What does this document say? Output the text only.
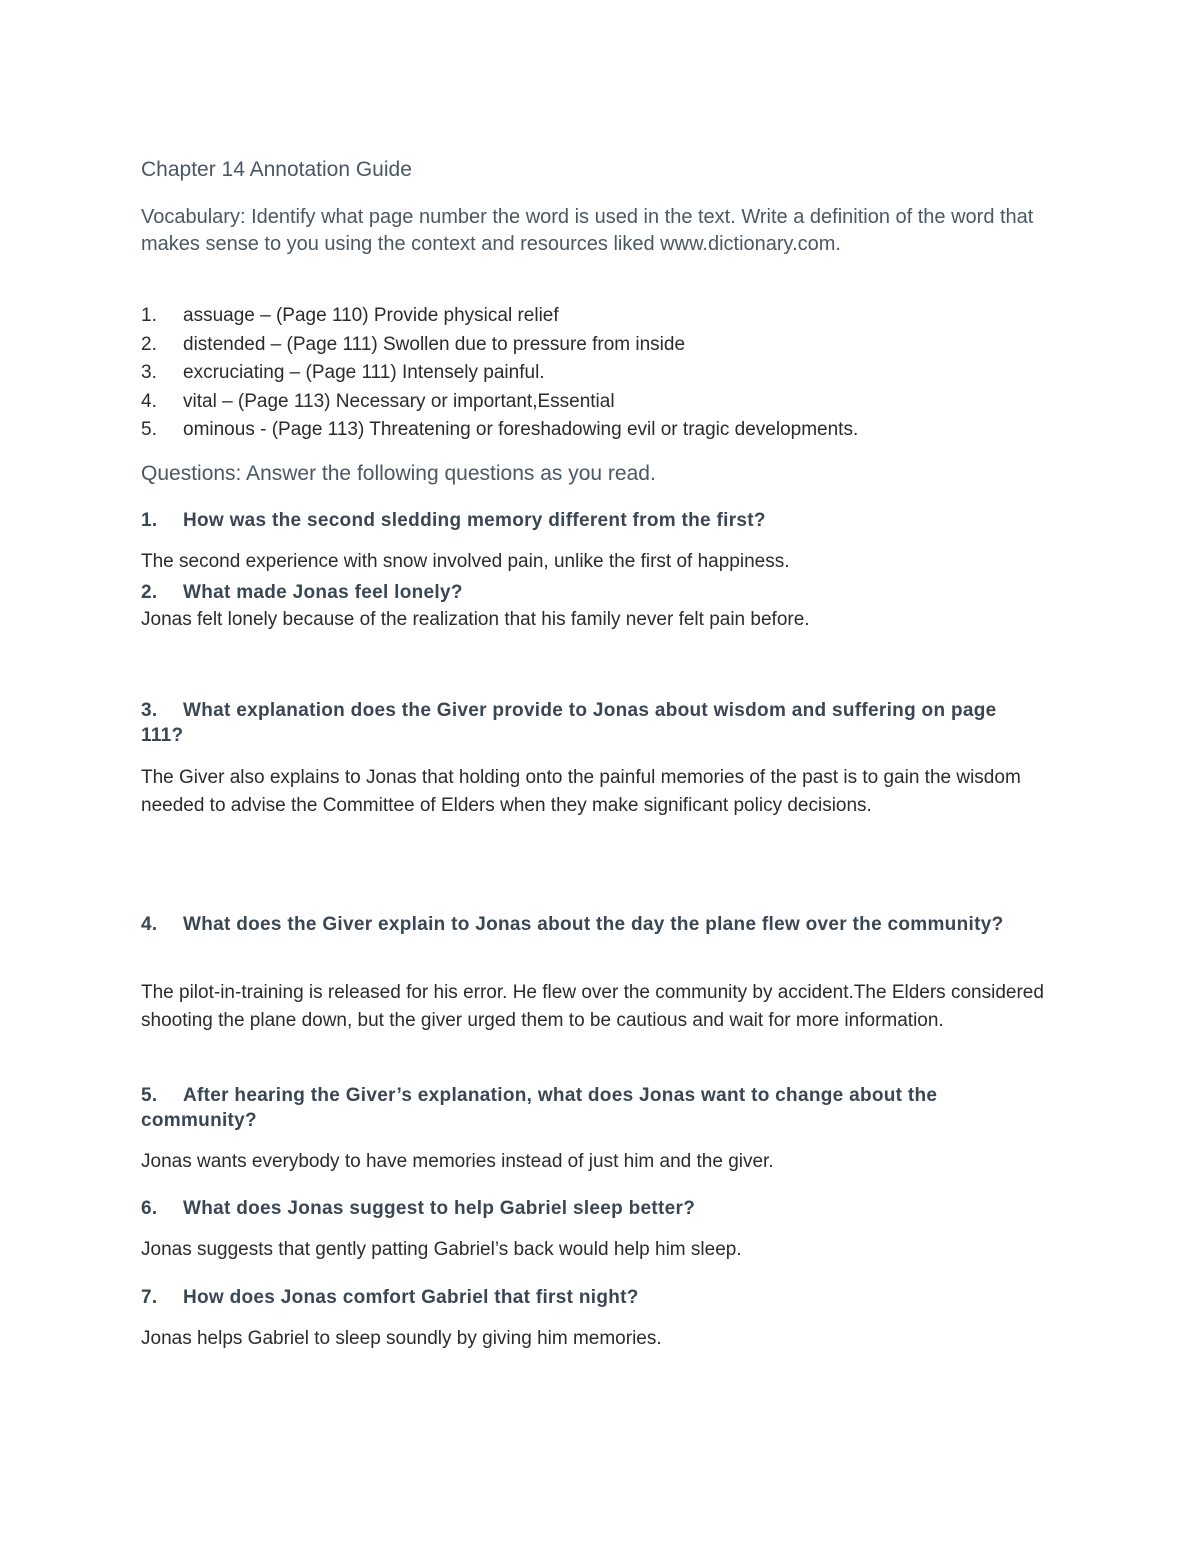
Chapter 14 Annotation Guide

Vocabulary: Identify what page number the word is used in the text. Write a definition of the word that makes sense to you using the context and resources liked www.dictionary.com.

1. assuage – (Page 110) Provide physical relief
2. distended – (Page 111) Swollen due to pressure from inside
3. excruciating – (Page 111) Intensely painful.
4. vital – (Page 113) Necessary or important,Essential
5. ominous - (Page 113) Threatening or foreshadowing evil or tragic developments.
Questions: Answer the following questions as you read.

1. How was the second sledding memory different from the first?

The second experience with snow involved pain, unlike the first of happiness.

2. What made Jonas feel lonely?

Jonas felt lonely because of the realization that his family never felt pain before.

3. What explanation does the Giver provide to Jonas about wisdom and suffering on page 111?

The Giver also explains to Jonas that holding onto the painful memories of the past is to gain the wisdom needed to advise the Committee of Elders when they make significant policy decisions.

4. What does the Giver explain to Jonas about the day the plane flew over the community?

The pilot-in-training is released for his error. He flew over the community by accident.The Elders considered shooting the plane down, but the giver urged them to be cautious and wait for more information.

5. After hearing the Giver’s explanation, what does Jonas want to change about the community?

Jonas wants everybody to have memories instead of just him and the giver.

6. What does Jonas suggest to help Gabriel sleep better?

Jonas suggests that gently patting Gabriel’s back would help him sleep.

7. How does Jonas comfort Gabriel that first night?

Jonas helps Gabriel to sleep soundly by giving him memories.
